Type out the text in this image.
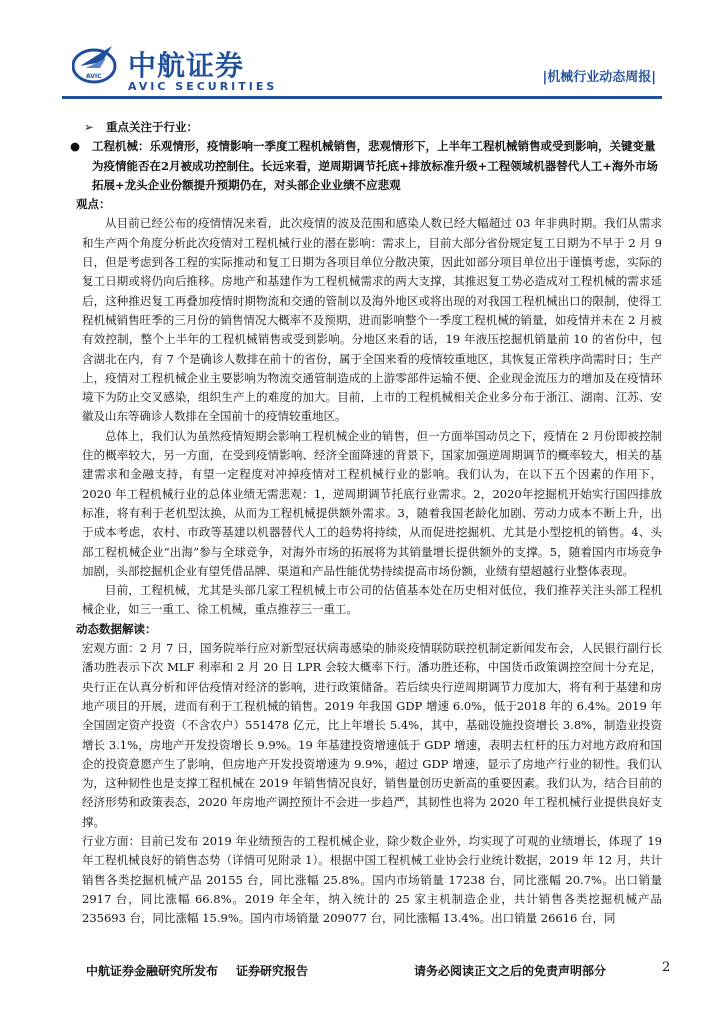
AVIC 中航证券
AVIC SECURITIES
|机械行业动态周报|
➢ 重点关注于行业：
● 工程机械：乐观情形，疫情影响一季度工程机械销售，悲观情形下，上半年工程机械销售或受到影响，关键变量为疫情能否在2月被成功控制住。长远来看，逆周期调节托底+排放标准升级+工程领域机器替代人工+海外市场拓展+龙头企业份额提升预期仍在，对头部企业业绩不应悲观
观点：

从目前已经公布的疫情情况来看，此次疫情的波及范围和感染人数已经大幅超过 03 年非典时期。我们从需求和生产两个角度分析此次疫情对工程机械行业的潜在影响：需求上，目前大部分省份规定复工日期为不早于 2 月 9 日，但是考虑到各工程的实际推动和复工日期为各项目单位分散决策，因此如部分项目单位出于谨慎考虑，实际的复工日期或将仍向后推移。房地产和基建作为工程机械需求的两大支撑，其推迟复工势必造成对工程机械的需求延后，这种推迟复工再叠加疫情时期物流和交通的管制以及海外地区或将出现的对我国工程机械出口的限制，使得工程机械销售旺季的三月份的销售情况大概率不及预期，进而影响整个一季度工程机械的销量，如疫情并未在 2 月被有效控制，整个上半年的工程机械销售或受到影响。分地区来看的话，19 年液压挖掘机销量前 10 的省份中，包含湖北在内，有 7 个是确诊人数排在前十的省份，属于全国来看的疫情较重地区，其恢复正常秩序尚需时日；生产上，疫情对工程机械企业主要影响为物流交通管制造成的上游零部件运输不便、企业现金流压力的增加及在疫情环境下为防止交叉感染，组织生产上的难度的加大。目前，上市的工程机械相关企业多分布于浙江、湖南、江苏、安徽及山东等确诊人数排在全国前十的疫情较重地区。

总体上，我们认为虽然疫情短期会影响工程机械企业的销售，但一方面举国动员之下，疫情在 2 月份即被控制住的概率较大，另一方面，在受到疫情影响、经济全面降速的背景下，国家加强逆周期调节的概率较大，相关的基建需求和金融支持，有望一定程度对冲掉疫情对工程机械行业的影响。我们认为，在以下五个因素的作用下，2020 年工程机械行业的总体业绩无需悲观：1，逆周期调节托底行业需求。2，2020年挖掘机开始实行国四排放标准，将有利于老机型汰换，从而为工程机械提供额外需求。3，随着我国老龄化加剧、劳动力成本不断上升，出于成本考虑，农村、市政等基建以机器替代人工的趋势将持续，从而促进挖掘机、尤其是小型挖机的销售。4、头部工程机械企业“出海”参与全球竞争，对海外市场的拓展将为其销量增长提供额外的支撑。5，随着国内市场竞争加剧，头部挖掘机企业有望凭借品牌、渠道和产品性能优势持续提高市场份额，业绩有望超越行业整体表现。

目前，工程机械，尤其是头部几家工程机械上市公司的估值基本处在历史相对低位，我们推荐关注头部工程机械企业，如三一重工、徐工机械，重点推荐三一重工。

动态数据解读：

宏观方面：2 月 7 日，国务院举行应对新型冠状病毒感染的肺炎疫情联防联控机制定新闻发布会，人民银行副行长潘功胜表示下次 MLF 利率和 2 月 20 日 LPR 会较大概率下行。潘功胜还称，中国货币政策调控空间十分充足，央行正在认真分析和评估疫情对经济的影响，进行政策储备。若后续央行逆周期调节力度加大，将有利于基建和房地产项目的开展，进而有利于工程机械的销售。2019 年我国 GDP 增速 6.0%，低于2018 年的 6.4%。2019 年全国固定资产投资（不含农户）551478 亿元，比上年增长 5.4%，其中，基础设施投资增长 3.8%，制造业投资增长 3.1%，房地产开发投资增长 9.9%。19 年基建投资增速低于 GDP 增速，表明去杠杆的压力对地方政府和国企的投资意愿产生了影响，但房地产开发投资增速为 9.9%，超过 GDP 增速，显示了房地产行业的韧性。我们认为，这种韧性也是支撑工程机械在 2019 年销售情况良好，销售量创历史新高的重要因素。我们认为，结合目前的经济形势和政策表态，2020 年房地产调控预计不会进一步趋严，其韧性也将为 2020 年工程机械行业提供良好支撑。

行业方面：目前已发布 2019 年业绩预告的工程机械企业，除少数企业外，均实现了可观的业绩增长，体现了 19 年工程机械良好的销售态势（详情可见附录 1）。根据中国工程机械工业协会行业统计数据，2019 年 12 月，共计销售各类挖掘机械产品 20155 台，同比涨幅 25.8%。国内市场销量 17238 台，同比涨幅 20.7%。出口销量 2917 台，同比涨幅 66.8%。2019 年全年，纳入统计的 25 家主机制造企业，共计销售各类挖掘机械产品 235693 台，同比涨幅 15.9%。国内市场销量 209077 台，同比涨幅 13.4%。出口销量 26616 台，同

中航证券金融研究所发布 证券研究报告	请务必阅读正文之后的免责声明部分	2
